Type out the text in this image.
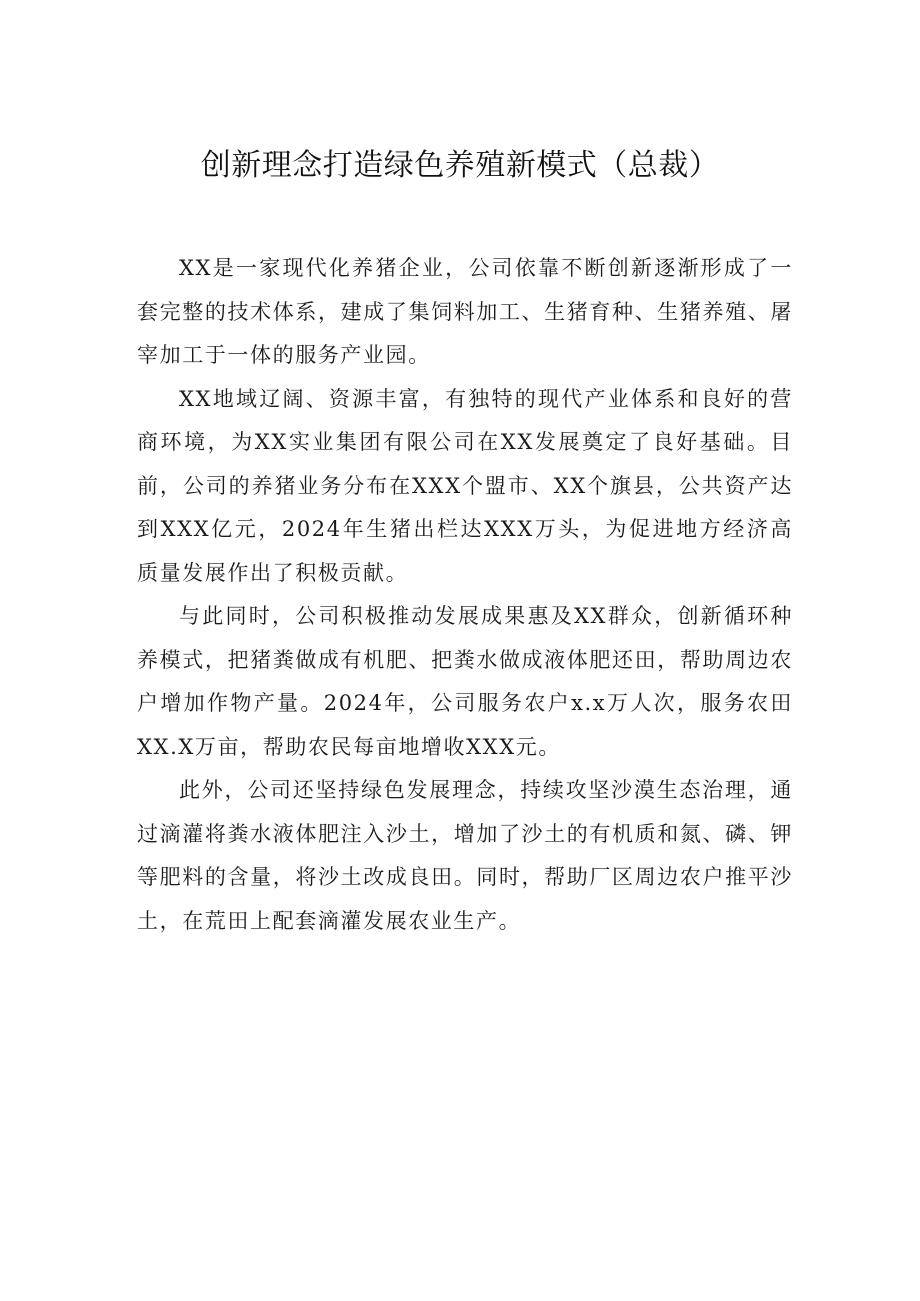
创新理念打造绿色养殖新模式（总裁）

XX是一家现代化养猪企业，公司依靠不断创新逐渐形成了一套完整的技术体系，建成了集饲料加工、生猪育种、生猪养殖、屠宰加工于一体的服务产业园。

XX地域辽阔、资源丰富，有独特的现代产业体系和良好的营商环境，为XX实业集团有限公司在XX发展奠定了良好基础。目前，公司的养猪业务分布在XXX个盟市、XX个旗县，公共资产达到XXX亿元，2024年生猪出栏达XXX万头，为促进地方经济高质量发展作出了积极贡献。

与此同时，公司积极推动发展成果惠及XX群众，创新循环种养模式，把猪粪做成有机肥、把粪水做成液体肥还田，帮助周边农户增加作物产量。2024年，公司服务农户x.x万人次，服务农田XX.X万亩，帮助农民每亩地增收XXX元。

此外，公司还坚持绿色发展理念，持续攻坚沙漠生态治理，通过滴灌将粪水液体肥注入沙土，增加了沙土的有机质和氮、磷、钾等肥料的含量，将沙土改成良田。同时，帮助厂区周边农户推平沙土，在荒田上配套滴灌发展农业生产。
